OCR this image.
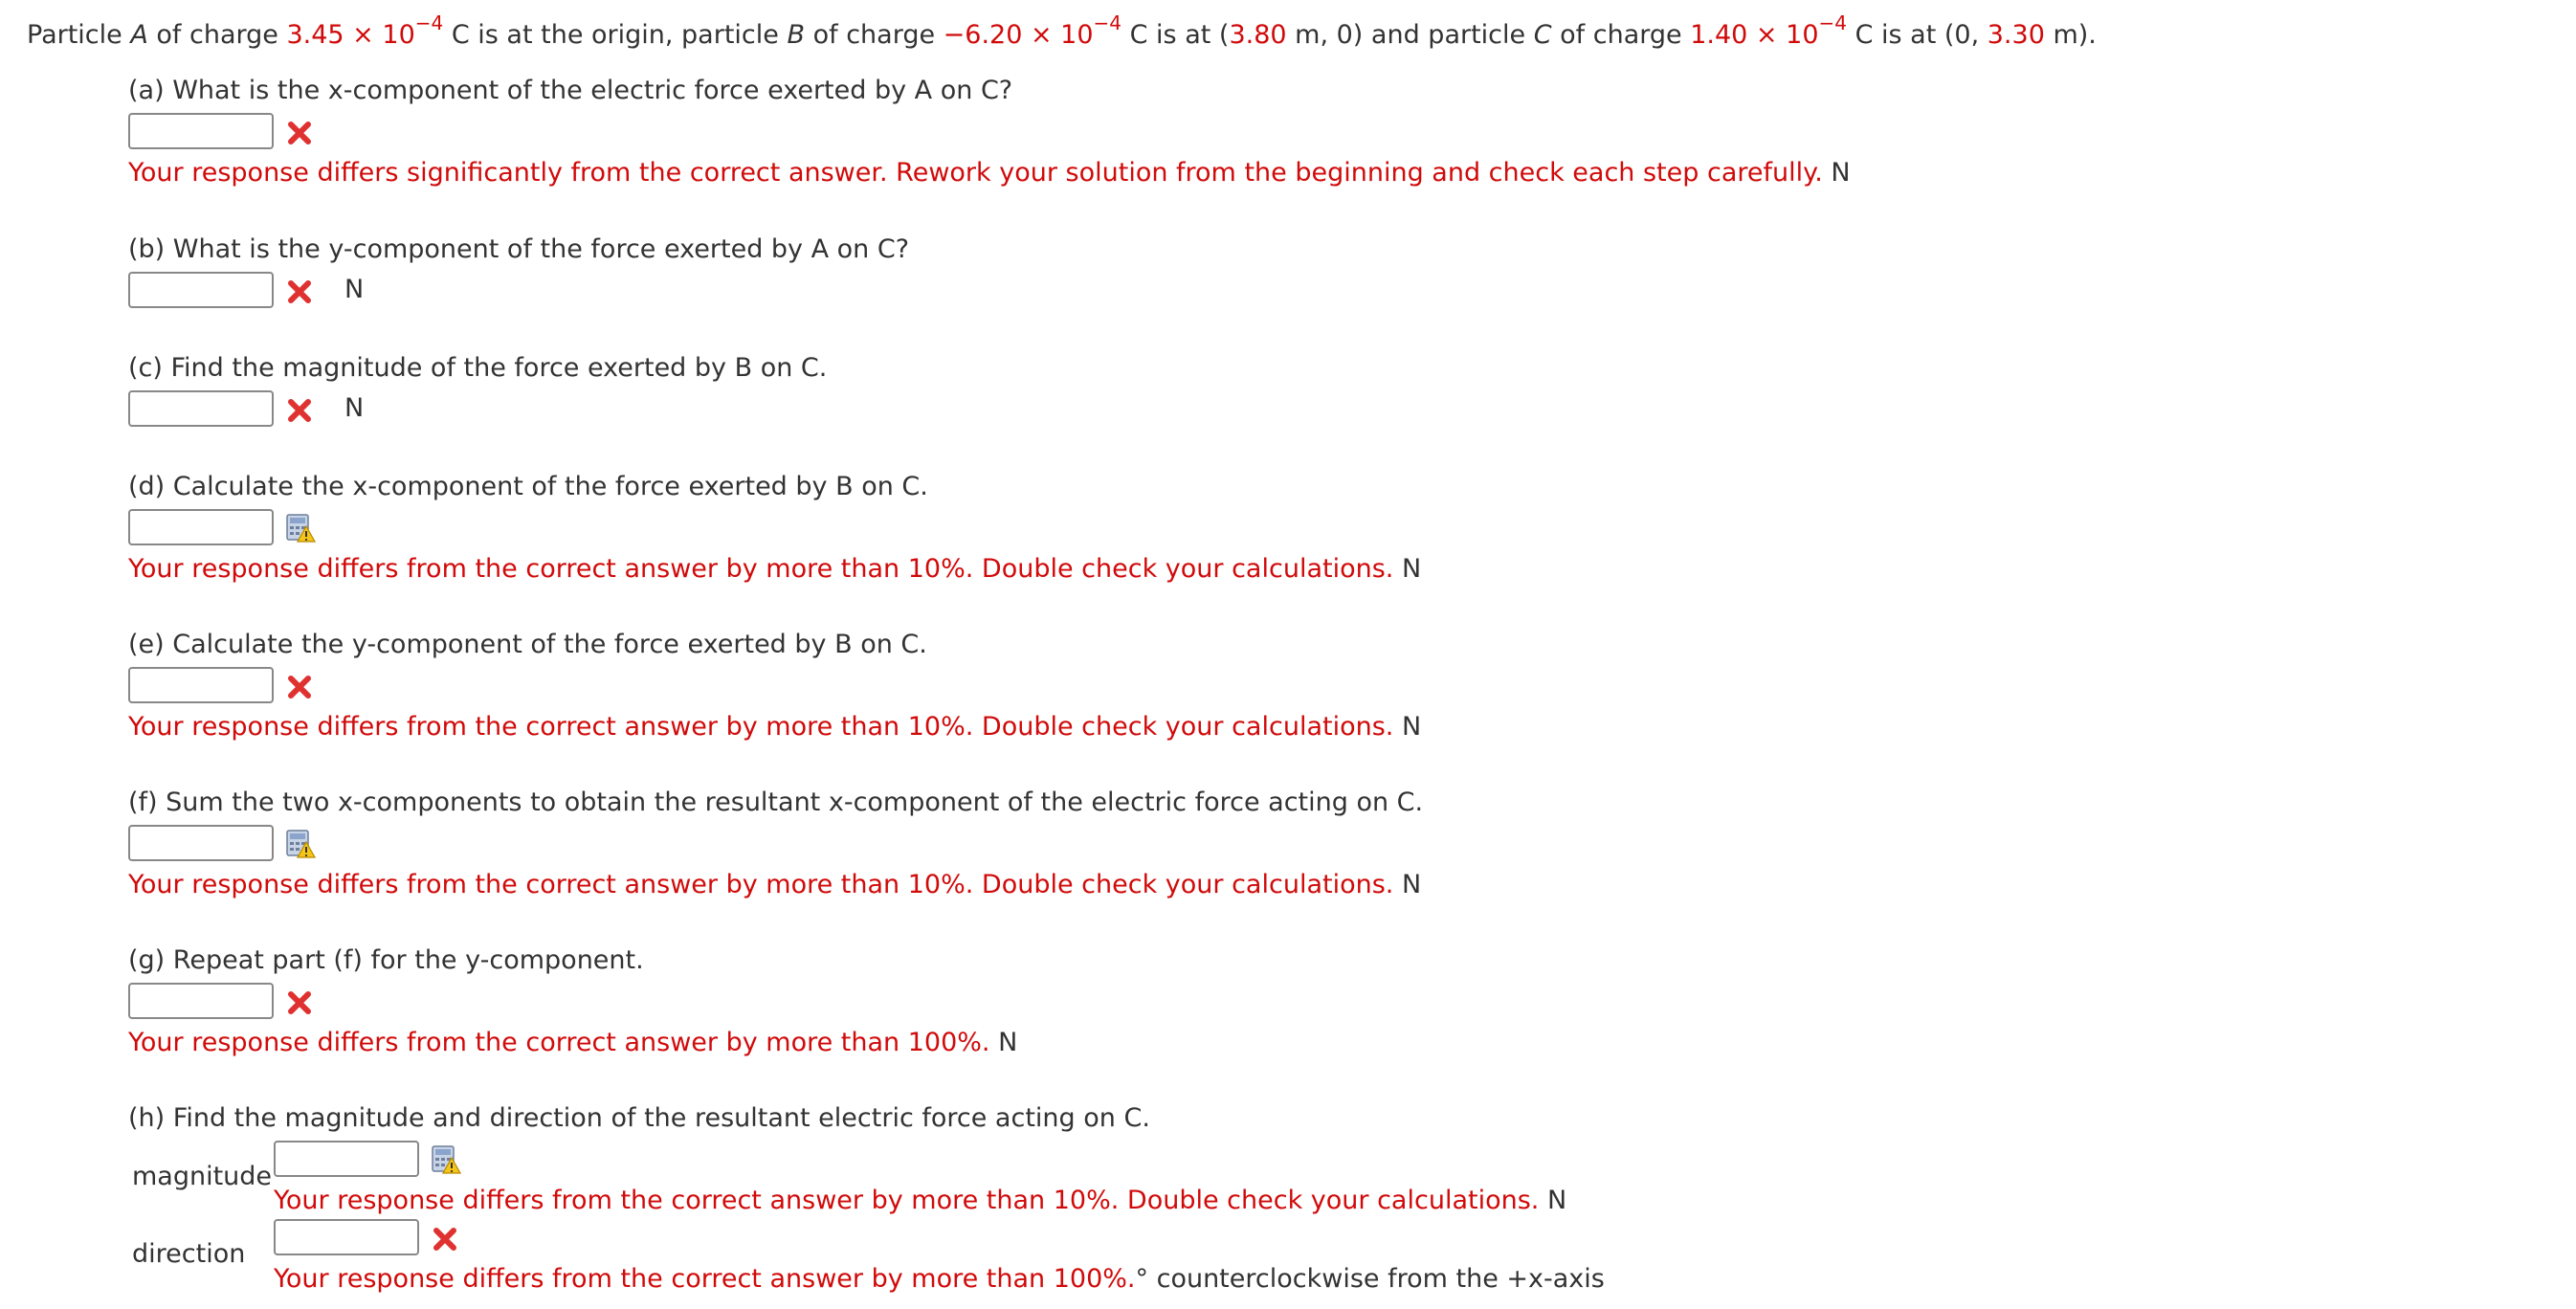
Particle A of charge $3.45 \times 10^{-4}$ C is at the origin, particle B of charge $-6.20 \times 10^{-4}$ C is at (3.80 m, 0) and particle C of charge $1.40 \times 10^{-4}$ C is at (0, 3.30 m).
(a) What is the x-component of the electric force exerted by A on C?
Your response differs significantly from the correct answer. Rework your solution from the beginning and check each step carefully. N
(b) What is the y-component of the force exerted by A on C?
N
(c) Find the magnitude of the force exerted by B on C.
N
(d) Calculate the x-component of the force exerted by B on C.
Your response differs from the correct answer by more than 10%. Double check your calculations. N
(e) Calculate the y-component of the force exerted by B on C.
Your response differs from the correct answer by more than 10%. Double check your calculations. N
(f) Sum the two x-components to obtain the resultant x-component of the electric force acting on C.
Your response differs from the correct answer by more than 10%. Double check your calculations. N
(g) Repeat part (f) for the y-component.
Your response differs from the correct answer by more than 100%. N
(h) Find the magnitude and direction of the resultant electric force acting on C.
magnitude
Your response differs from the correct answer by more than 10%. Double check your calculations. N
direction
Your response differs from the correct answer by more than 100%.° counterclockwise from the +x-axis
